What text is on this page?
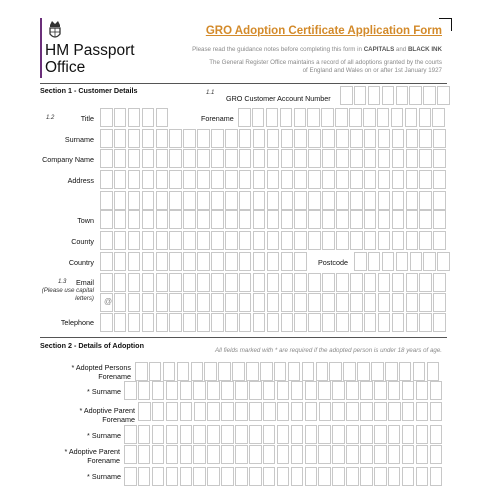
HM Passport
Office
GRO Adoption Certificate Application Form
Please read the guidance notes before completing this form in CAPITALS and BLACK INK
The General Register Office maintains a record of all adoptions granted by the courts
of England and Wales on or after 1st January 1927
Section 1 - Customer Details	1.1
GRO Customer Account Number
1.2	Title	Forename
Surname
Company Name
Address
Town
County
Country	Postcode
1.3	Email
(Please use capital
letters) @
Telephone
Section 2 - Details of Adoption
All fields marked with * are required if the adopted person is under 18 years of age.
* Adopted Persons
Forename
* Surname
* Adoptive Parent
Forename
* Surname
* Adoptive Parent
Forename
* Surname
